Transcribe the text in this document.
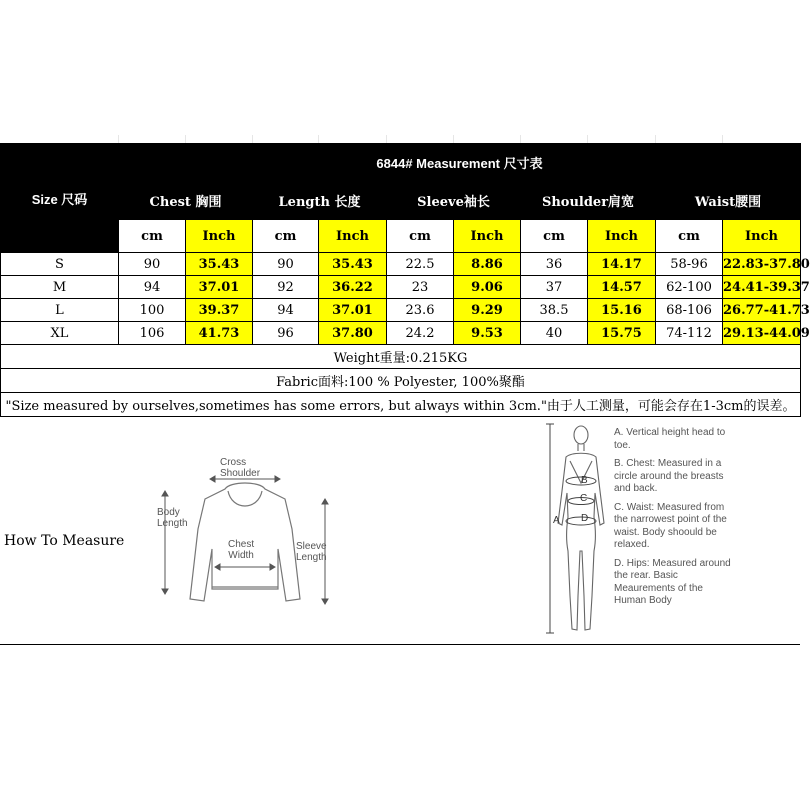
Size 尺码	6844# Measurement 尺寸表									
	Chest 胸围		Length 长度		Sleeve袖长		Shoulder肩宽		Waist腰围	
	cm	Inch	cm	Inch	cm	Inch	cm	Inch	cm	Inch
S	90	35.43	90	35.43	22.5	8.86	36	14.17	58-96	22.83-37.80
M	94	37.01	92	36.22	23	9.06	37	14.57	62-100	24.41-39.37
L	100	39.37	94	37.01	23.6	9.29	38.5	15.16	68-106	26.77-41.73
XL	106	41.73	96	37.80	24.2	9.53	40	15.75	74-112	29.13-44.09
Weight重量:0.215KG										
Fabric面料:100 % Polyester, 100%聚酯										
"Size measured by ourselves,sometimes has some errors, but always within 3cm."由于人工测量，可能会存在1-3cm的误差。										
How To Measure
Cross
Shoulder
Body
Length
Chest
Width
Sleeve
Length
A
B
C
D

A. Vertical height head to toe.

B. Chest: Measured in a circle around the breasts and back.

C. Waist: Measured from the narrowest point of the waist. Body shoould be relaxed.

D. Hips: Measured around the rear. Basic Meaurements of the Human Body
